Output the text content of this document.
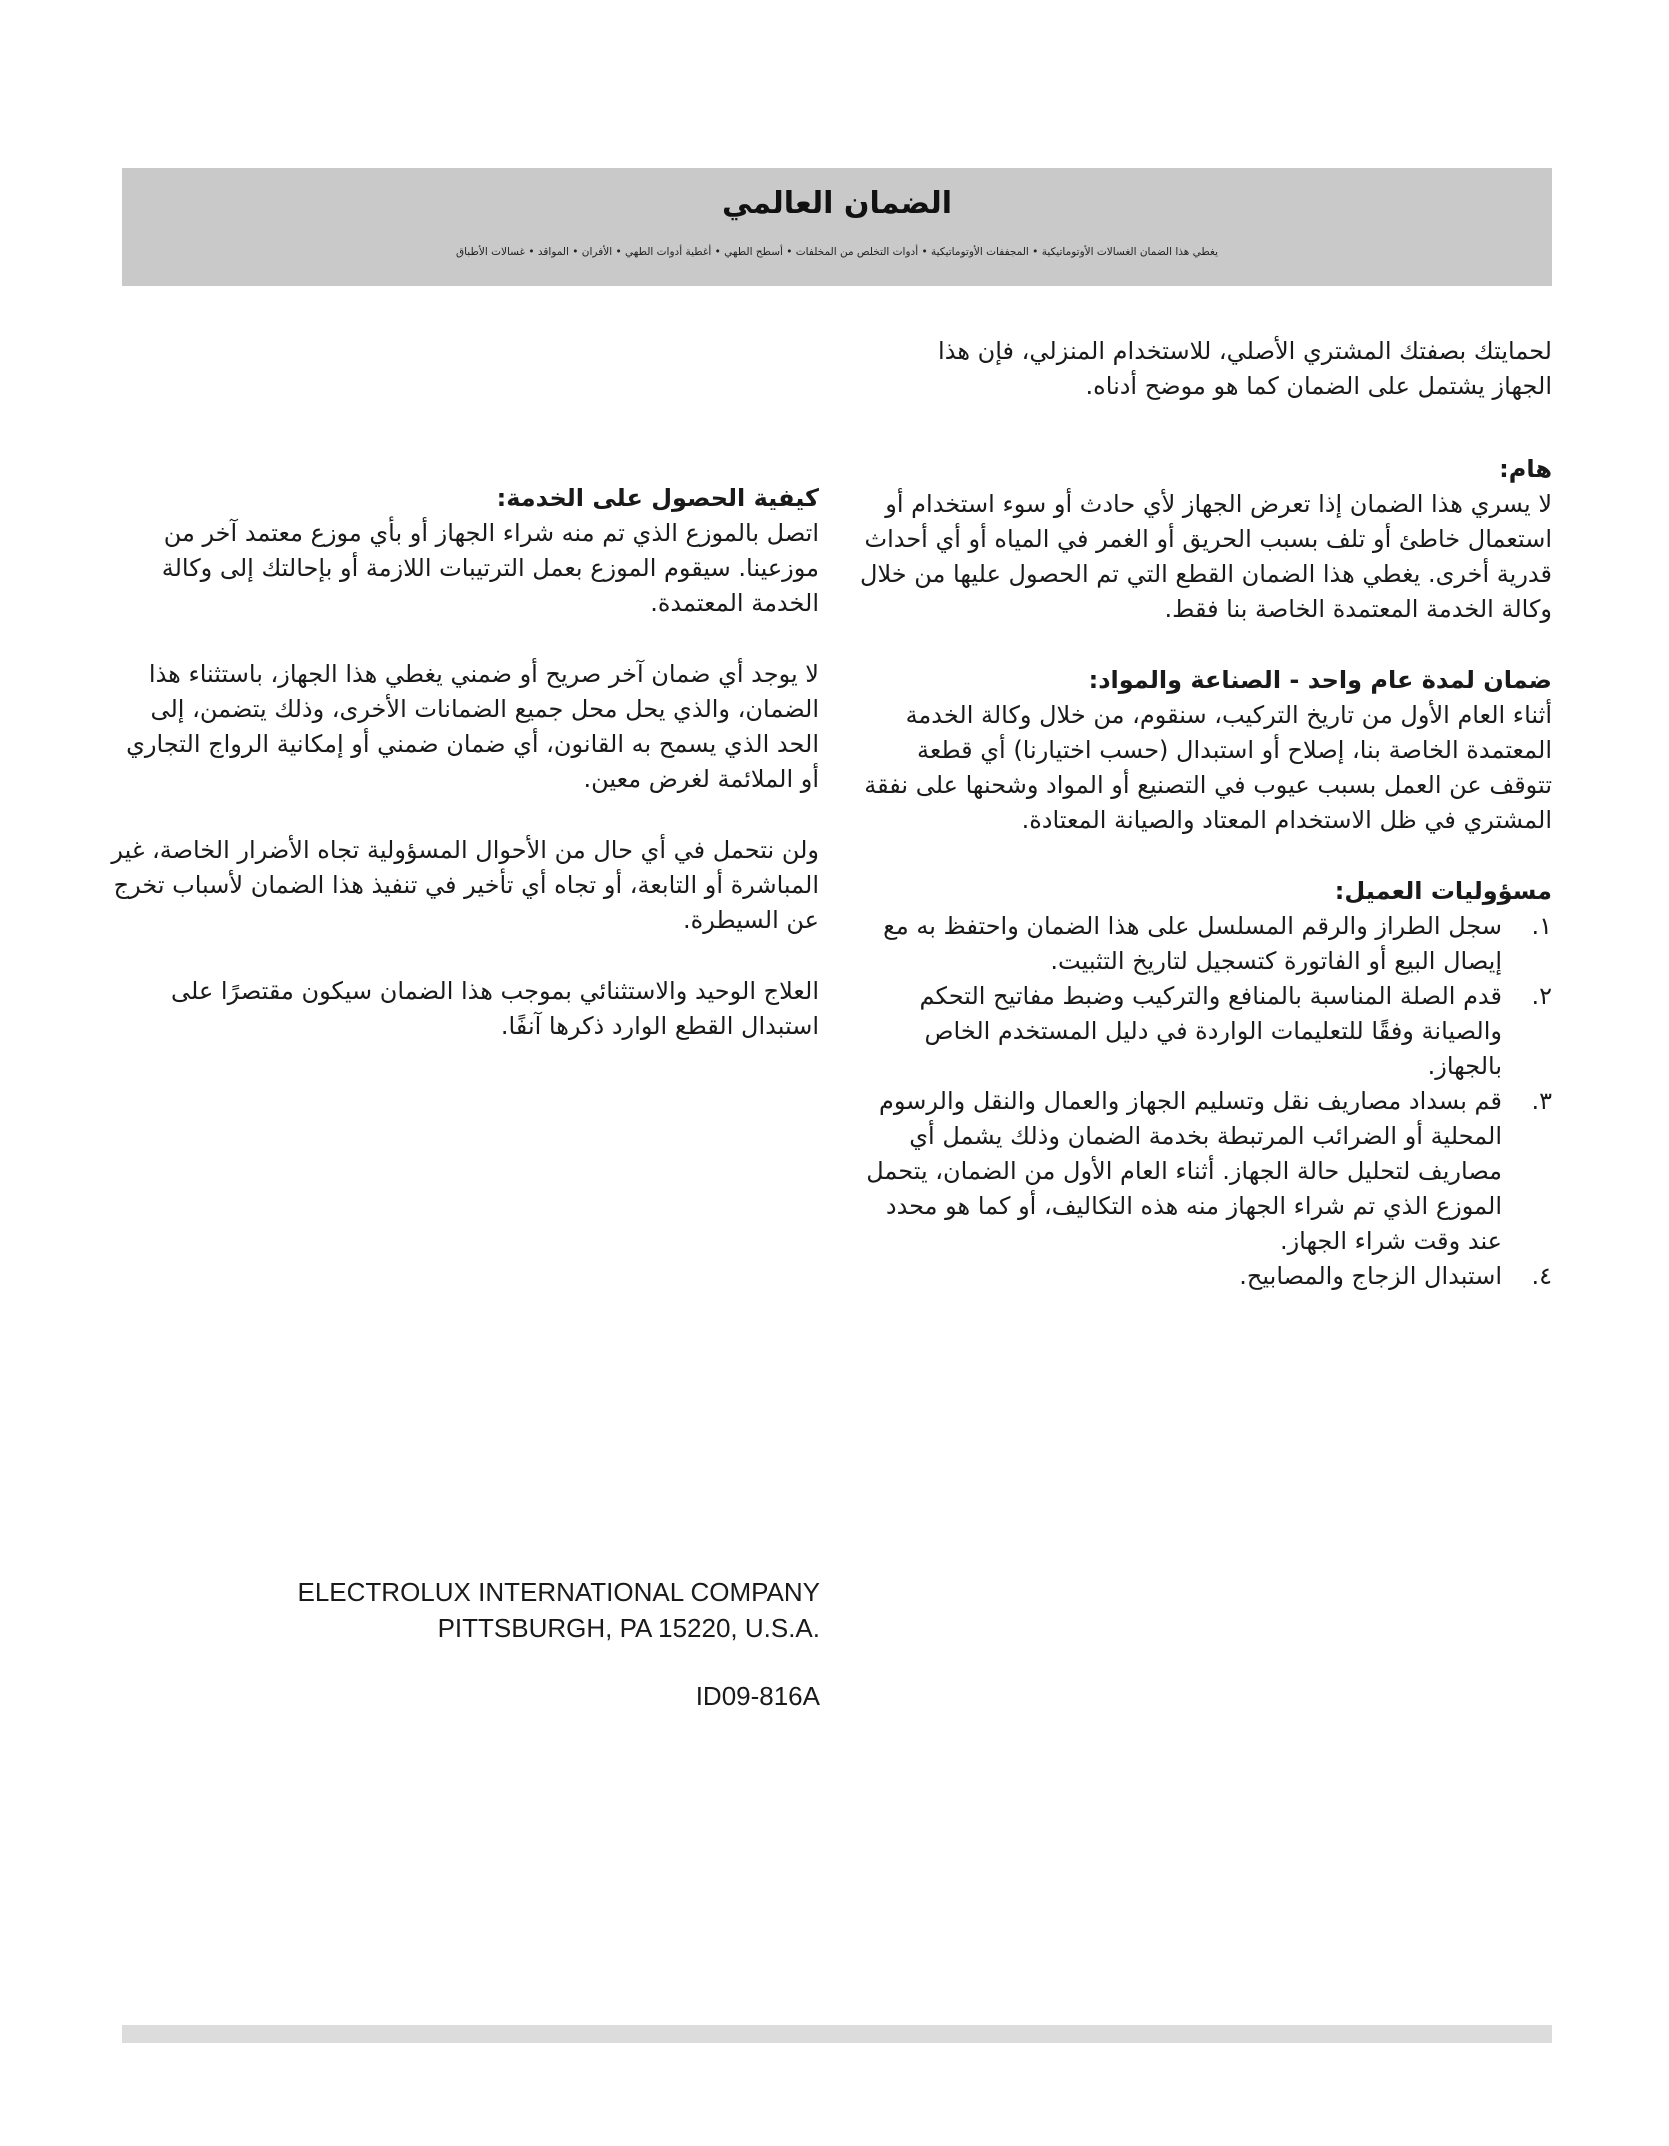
الضمان العالمي
يغطي هذا الضمان الغسالات الأوتوماتيكية • المجففات الأوتوماتيكية • أدوات التخلص من المخلفات • أسطح الطهي • أغطية أدوات الطهي • الأفران • المواقد • غسالات الأطباق

لحمايتك بصفتك المشتري الأصلي، للاستخدام المنزلي، فإن هذا الجهاز يشتمل على الضمان كما هو موضح أدناه.

هام:

لا يسري هذا الضمان إذا تعرض الجهاز لأي حادث أو سوء استخدام أو استعمال خاطئ أو تلف بسبب الحريق أو الغمر في المياه أو أي أحداث قدرية أخرى. يغطي هذا الضمان القطع التي تم الحصول عليها من خلال وكالة الخدمة المعتمدة الخاصة بنا فقط.

ضمان لمدة عام واحد - الصناعة والمواد:

أثناء العام الأول من تاريخ التركيب، سنقوم، من خلال وكالة الخدمة المعتمدة الخاصة بنا، إصلاح أو استبدال (حسب اختيارنا) أي قطعة تتوقف عن العمل بسبب عيوب في التصنيع أو المواد وشحنها على نفقة المشتري في ظل الاستخدام المعتاد والصيانة المعتادة.

مسؤوليات العميل:
١.
سجل الطراز والرقم المسلسل على هذا الضمان واحتفظ به مع إيصال البيع أو الفاتورة كتسجيل لتاريخ التثبيت.
٢.
قدم الصلة المناسبة بالمنافع والتركيب وضبط مفاتيح التحكم والصيانة وفقًا للتعليمات الواردة في دليل المستخدم الخاص بالجهاز.
٣.
قم بسداد مصاريف نقل وتسليم الجهاز والعمال والنقل والرسوم المحلية أو الضرائب المرتبطة بخدمة الضمان وذلك يشمل أي مصاريف لتحليل حالة الجهاز. أثناء العام الأول من الضمان، يتحمل الموزع الذي تم شراء الجهاز منه هذه التكاليف، أو كما هو محدد عند وقت شراء الجهاز.
٤.
استبدال الزجاج والمصابيح.
كيفية الحصول على الخدمة:

اتصل بالموزع الذي تم منه شراء الجهاز أو بأي موزع معتمد آخر من موزعينا. سيقوم الموزع بعمل الترتيبات اللازمة أو بإحالتك إلى وكالة الخدمة المعتمدة.

لا يوجد أي ضمان آخر صريح أو ضمني يغطي هذا الجهاز، باستثناء هذا الضمان، والذي يحل محل جميع الضمانات الأخرى، وذلك يتضمن، إلى الحد الذي يسمح به القانون، أي ضمان ضمني أو إمكانية الرواج التجاري أو الملائمة لغرض معين.

ولن نتحمل في أي حال من الأحوال المسؤولية تجاه الأضرار الخاصة، غير المباشرة أو التابعة، أو تجاه أي تأخير في تنفيذ هذا الضمان لأسباب تخرج عن السيطرة.

العلاج الوحيد والاستثنائي بموجب هذا الضمان سيكون مقتصرًا على استبدال القطع الوارد ذكرها آنفًا.

ELECTROLUX INTERNATIONAL COMPANY
PITTSBURGH, PA 15220, U.S.A.
ID09-816A
